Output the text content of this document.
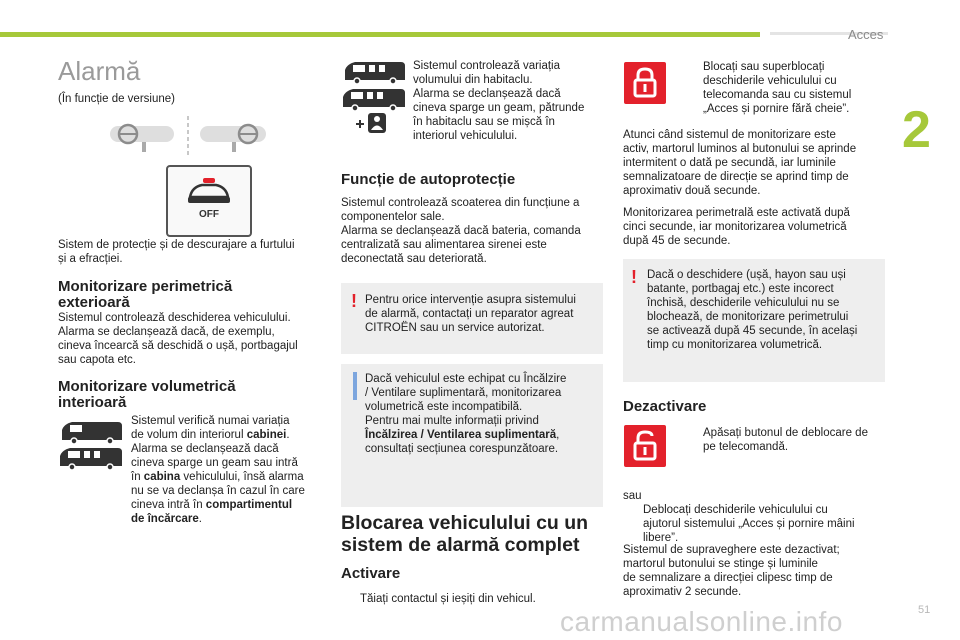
Acces
2
Alarmă

(În funcție de versiune)

OFF

Sistem de protecție și de descurajare a furtului
și a efracției.

Monitorizare perimetrică
exterioară

Sistemul controlează deschiderea vehiculului.
Alarma se declanșează dacă, de exemplu,
cineva încearcă să deschidă o ușă, portbagajul
sau capota etc.

Monitorizare volumetrică
interioară

Sistemul verifică numai variația

de volum din interiorul cabinei.

Alarma se declanșează dacă

cineva sparge un geam sau intră

în cabina vehiculului, însă alarma

nu se va declanșa în cazul în care

cineva intră în compartimentul

de încărcare.

Sistemul controlează variația
volumului din habitaclu.
Alarma se declanșează dacă
cineva sparge un geam, pătrunde
în habitaclu sau se mișcă în
interiorul vehiculului.

Funcție de autoprotecție

Sistemul controlează scoaterea din funcțiune a
componentelor sale.
Alarma se declanșează dacă bateria, comanda
centralizată sau alimentarea sirenei este
deconectată sau deteriorată.

! Pentru orice intervenție asupra sistemului
de alarmă, contactați un reparator agreat
CITROËN sau un service autorizat.

Dacă vehiculul este echipat cu Încălzire

/ Ventilare suplimentară, monitorizarea

volumetrică este incompatibilă.

Pentru mai multe informații privind

Încălzirea / Ventilarea suplimentară,

consultați secțiunea corespunzătoare.

Blocarea vehiculului cu un
sistem de alarmă complet
Activare

Tăiați contactul și ieșiți din vehicul.

Blocați sau superblocați
deschiderile vehiculului cu
telecomanda sau cu sistemul
„Acces și pornire fără cheie”.

Atunci când sistemul de monitorizare este
activ, martorul luminos al butonului se aprinde
intermitent o dată pe secundă, iar luminile
semnalizatoare de direcție se aprind timp de
aproximativ două secunde.

Monitorizarea perimetrală este activată după
cinci secunde, iar monitorizarea volumetrică
după 45 de secunde.

! Dacă o deschidere (ușă, hayon sau uși
batante, portbagaj etc.) este incorect
închisă, deschiderile vehiculului nu se
blochează, de monitorizare perimetrului
se activează după 45 secunde, în același
timp cu monitorizarea volumetrică.

Dezactivare

Apăsați butonul de deblocare de
pe telecomandă.

sau

Deblocați deschiderile vehiculului cu
ajutorul sistemului „Acces și pornire mâini
libere”.

Sistemul de supraveghere este dezactivat;
martorul butonului se stinge și luminile
de semnalizare a direcției clipesc timp de
aproximativ 2 secunde.

carmanualsonline.info	51
